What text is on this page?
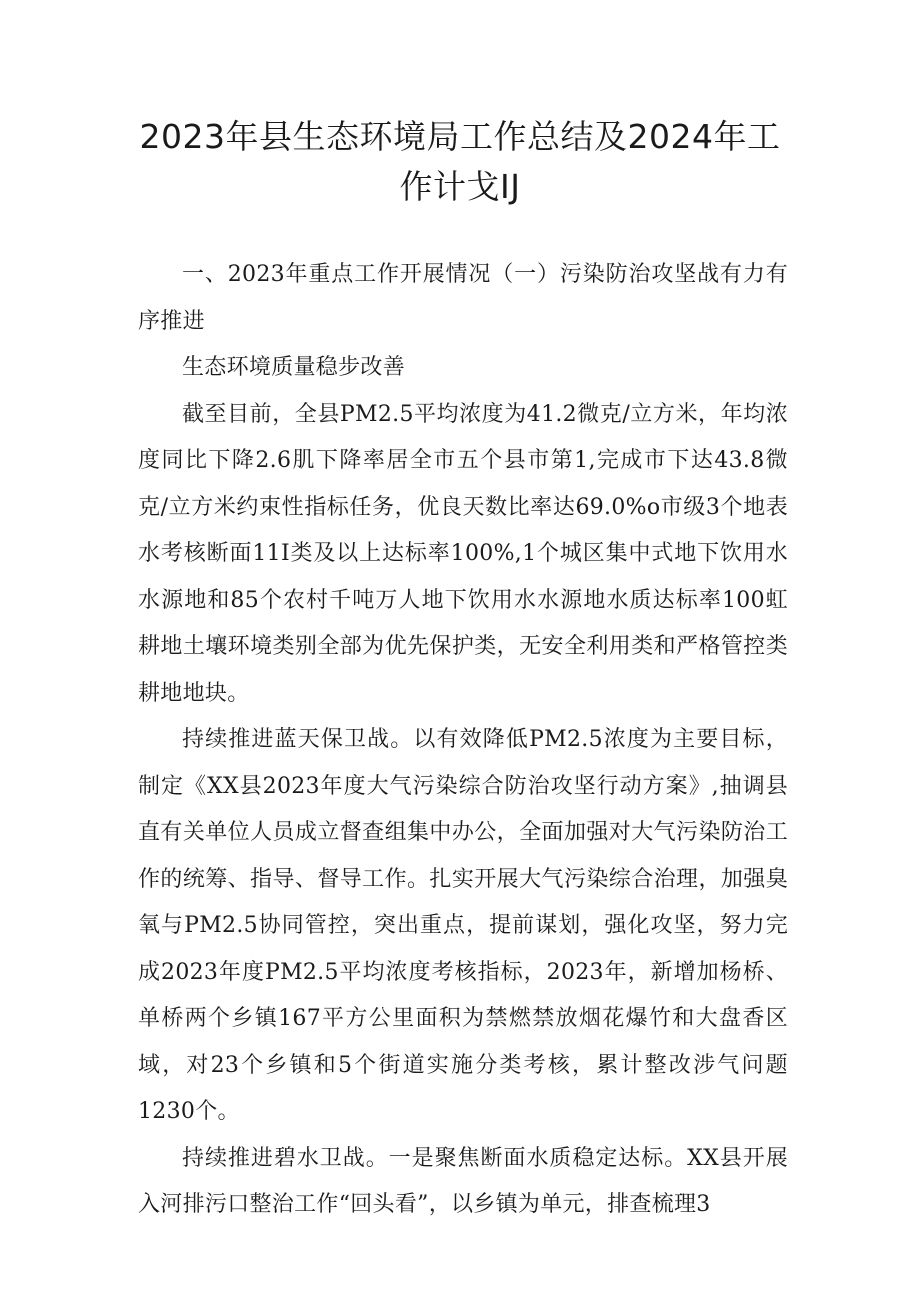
2023年县生态环境局工作总结及2024年工
作计戈IJ

一、2023年重点工作开展情况（一）污染防治攻坚战有力有序推进

生态环境质量稳步改善

截至目前，全县PM2.5平均浓度为41.2微克/立方米，年均浓度同比下降2.6肌下降率居全市五个县市第1,完成市下达43.8微克/立方米约束性指标任务，优良天数比率达69.0%o市级3个地表水考核断面11I类及以上达标率100%,1个城区集中式地下饮用水水源地和85个农村千吨万人地下饮用水水源地水质达标率100虹耕地土壤环境类别全部为优先保护类，无安全利用类和严格管控类耕地地块。

持续推进蓝天保卫战。以有效降低PM2.5浓度为主要目标，制定《XX县2023年度大气污染综合防治攻坚行动方案》,抽调县直有关单位人员成立督查组集中办公，全面加强对大气污染防治工作的统筹、指导、督导工作。扎实开展大气污染综合治理，加强臭氧与PM2.5协同管控，突出重点，提前谋划，强化攻坚，努力完成2023年度PM2.5平均浓度考核指标，2023年，新增加杨桥、单桥两个乡镇167平方公里面积为禁燃禁放烟花爆竹和大盘香区域，对23个乡镇和5个街道实施分类考核，累计整改涉气问题1230个。

持续推进碧水卫战。一是聚焦断面水质稳定达标。XX县开展入河排污口整治工作“回头看”，以乡镇为单元，排查梳理3
